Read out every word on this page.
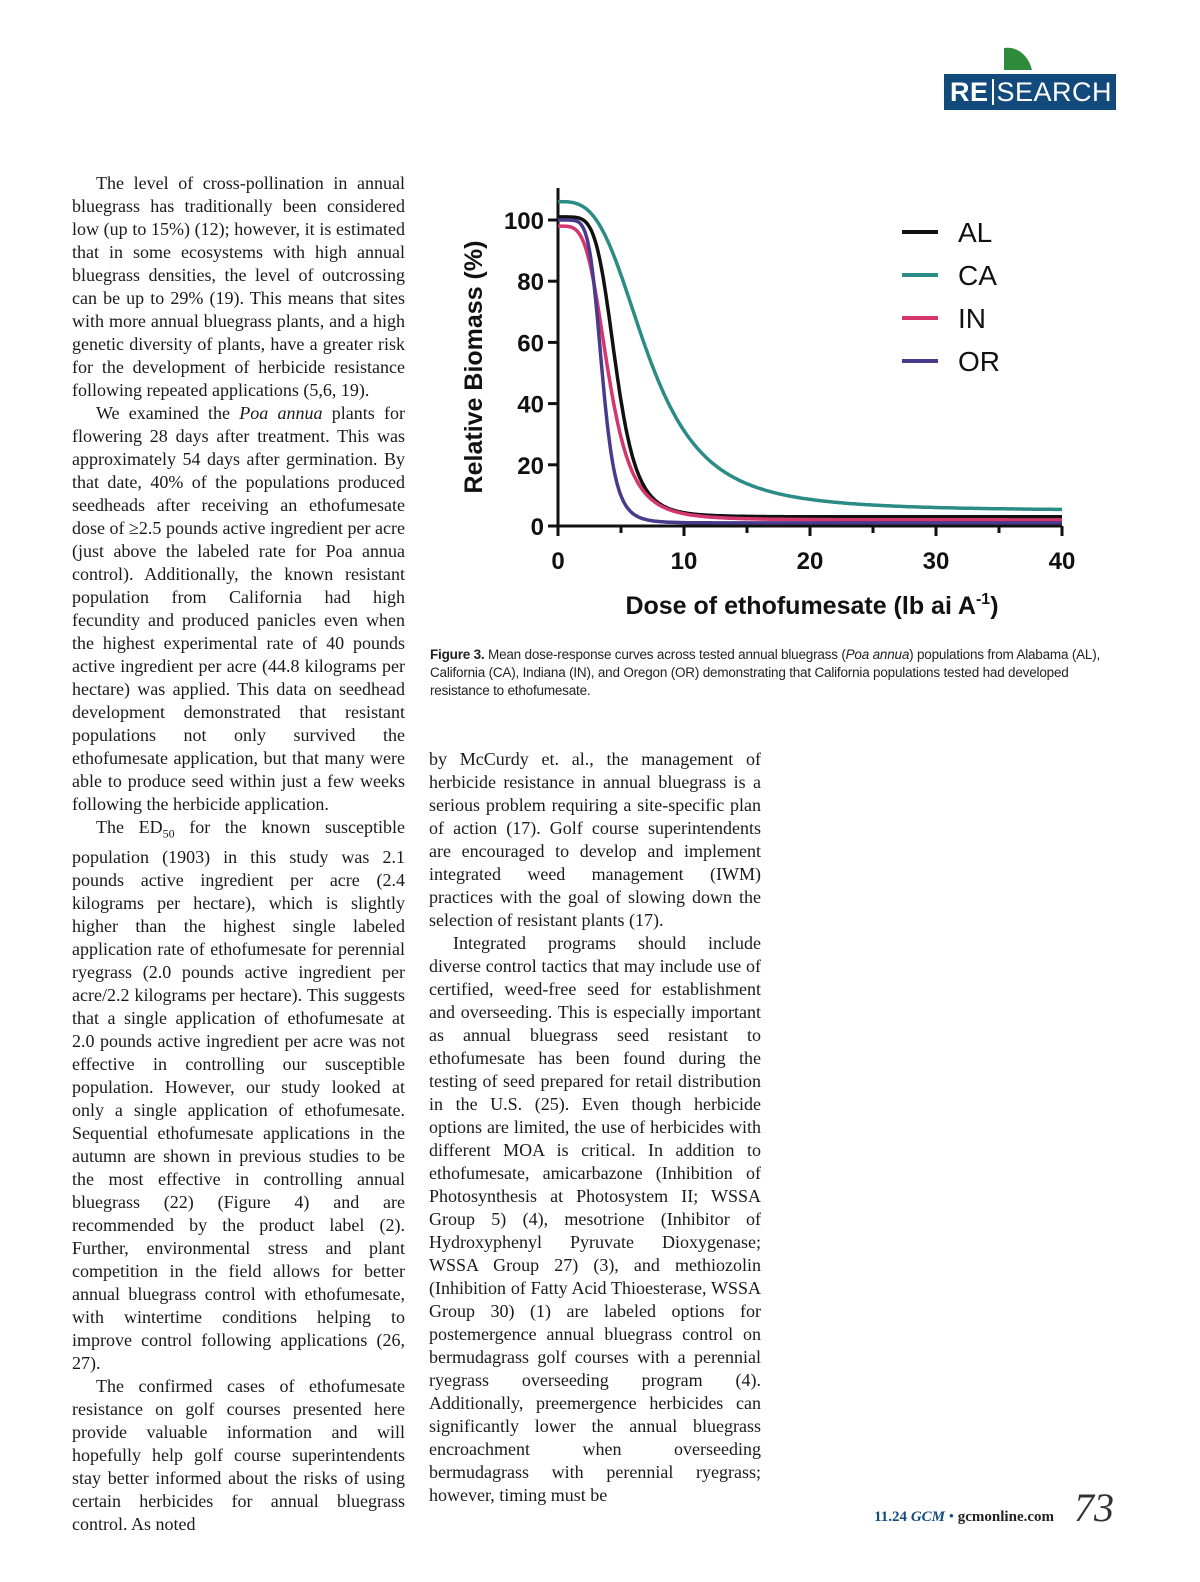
RE SEARCH

The level of cross-pollination in annual bluegrass has traditionally been considered low (up to 15%) (12); however, it is estimated that in some ecosystems with high annual bluegrass densities, the level of outcrossing can be up to 29% (19). This means that sites with more annual bluegrass plants, and a high genetic diversity of plants, have a greater risk for the development of herbicide resistance following repeated applications (5,6, 19).

We examined the Poa annua plants for flowering 28 days after treatment. This was approximately 54 days after germination. By that date, 40% of the populations produced seedheads after receiving an ethofumesate dose of ≥2.5 pounds active ingredient per acre (just above the labeled rate for Poa annua control). Additionally, the known resistant population from California had high fecundity and produced panicles even when the highest experimental rate of 40 pounds active ingredient per acre (44.8 kilograms per hectare) was applied. This data on seedhead development demonstrated that resistant populations not only survived the ethofumesate application, but that many were able to produce seed within just a few weeks following the herbicide application.

The $ED_{50}$ for the known susceptible population (1903) in this study was 2.1 pounds active ingredient per acre (2.4 kilograms per hectare), which is slightly higher than the highest single labeled application rate of ethofumesate for perennial ryegrass (2.0 pounds active ingredient per acre/2.2 kilograms per hectare). This suggests that a single application of ethofumesate at 2.0 pounds active ingredient per acre was not effective in controlling our susceptible population. However, our study looked at only a single application of ethofumesate. Sequential ethofumesate applications in the autumn are shown in previous studies to be the most effective in controlling annual bluegrass (22) (Figure 4) and are recommended by the product label (2). Further, environmental stress and plant competition in the field allows for better annual bluegrass control with ethofumesate, with wintertime conditions helping to improve control following applications (26, 27).

The confirmed cases of ethofumesate resistance on golf courses presented here provide valuable information and will hopefully help golf course superintendents stay better informed about the risks of using certain herbicides for annual bluegrass control. As noted

0
20
40
60
80
100
0	10	20	30	40
Relative Biomass (%)
Dose of ethofumesate (lb ai $A^{-1}$)
AL
CA
IN
OR
Figure 3. Mean dose-response curves across tested annual bluegrass (Poa annua) populations from Alabama (AL), California (CA), Indiana (IN), and Oregon (OR) demonstrating that California populations tested had developed resistance to ethofumesate.

by McCurdy et. al., the management of herbicide resistance in annual bluegrass is a serious problem requiring a site-specific plan of action (17). Golf course superintendents are encouraged to develop and implement integrated weed management (IWM) practices with the goal of slowing down the selection of resistant plants (17).

Integrated programs should include diverse control tactics that may include use of certified, weed-free seed for establishment and overseeding. This is especially important as annual bluegrass seed resistant to ethofumesate has been found during the testing of seed prepared for retail distribution in the U.S. (25). Even though herbicide options are limited, the use of herbicides with different MOA is critical. In addition to ethofumesate, amicarbazone (Inhibition of Photosynthesis at Photosystem II; WSSA Group 5) (4), mesotrione (Inhibitor of Hydroxyphenyl Pyruvate Dioxygenase; WSSA Group 27) (3), and methiozolin (Inhibition of Fatty Acid Thioesterase, WSSA Group 30) (1) are labeled options for postemergence annual bluegrass control on bermudagrass golf courses with a perennial ryegrass overseeding program (4). Additionally, preemergence herbicides can significantly lower the annual bluegrass encroachment when overseeding bermudagrass with perennial ryegrass; however, timing must be

11.24 GCM • gcmonline.com 73
